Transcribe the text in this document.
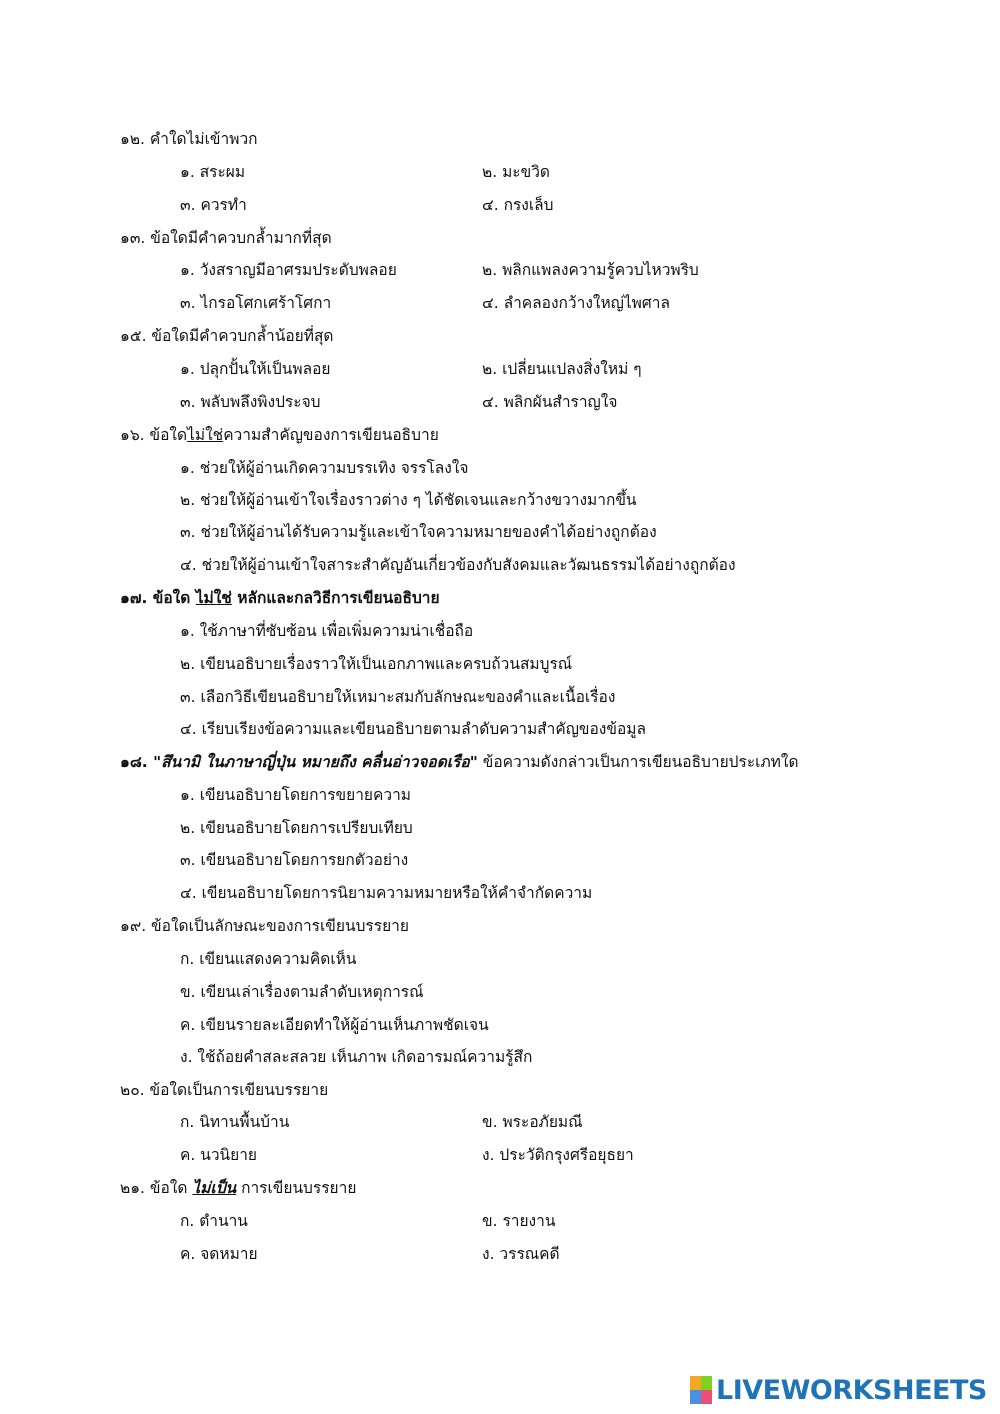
๑๒. คำใดไม่เข้าพวก
๑. สระผม	๒. มะขวิด
๓. ควรทำ	๔. กรงเล็บ
๑๓. ข้อใดมีคำควบกล้ำมากที่สุด
๑. วังสราญมีอาศรมประดับพลอย	๒. พลิกแพลงความรู้ควบไหวพริบ
๓. ไกรอโศกเศร้าโศกา	๔. ลำคลองกว้างใหญ่ไพศาล
๑๕. ข้อใดมีคำควบกล้ำน้อยที่สุด
๑. ปลุกปั้นให้เป็นพลอย	๒. เปลี่ยนแปลงสิ่งใหม่ ๆ
๓. พลับพลึงพิงประจบ	๔. พลิกผันสำราญใจ
๑๖. ข้อใดไม่ใช่ความสำคัญของการเขียนอธิบาย
๑. ช่วยให้ผู้อ่านเกิดความบรรเทิง จรรโลงใจ
๒. ช่วยให้ผู้อ่านเข้าใจเรื่องราวต่าง ๆ ได้ชัดเจนและกว้างขวางมากขึ้น
๓. ช่วยให้ผู้อ่านได้รับความรู้และเข้าใจความหมายของคำได้อย่างถูกต้อง
๔. ช่วยให้ผู้อ่านเข้าใจสาระสำคัญอันเกี่ยวข้องกับสังคมและวัฒนธรรมได้อย่างถูกต้อง
๑๗. ข้อใด ไม่ใช่ หลักและกลวิธีการเขียนอธิบาย
๑. ใช้ภาษาที่ซับซ้อน เพื่อเพิ่มความน่าเชื่อถือ
๒. เขียนอธิบายเรื่องราวให้เป็นเอกภาพและครบถ้วนสมบูรณ์
๓. เลือกวิธีเขียนอธิบายให้เหมาะสมกับลักษณะของคำและเนื้อเรื่อง
๔. เรียบเรียงข้อความและเขียนอธิบายตามลำดับความสำคัญของข้อมูล
๑๘. "สึนามิ ในภาษาญี่ปุ่น หมายถึง คลื่นอ่าวจอดเรือ" ข้อความดังกล่าวเป็นการเขียนอธิบายประเภทใด
๑. เขียนอธิบายโดยการขยายความ
๒. เขียนอธิบายโดยการเปรียบเทียบ
๓. เขียนอธิบายโดยการยกตัวอย่าง
๔. เขียนอธิบายโดยการนิยามความหมายหรือให้คำจำกัดความ
๑๙. ข้อใดเป็นลักษณะของการเขียนบรรยาย
ก. เขียนแสดงความคิดเห็น
ข. เขียนเล่าเรื่องตามลำดับเหตุการณ์
ค. เขียนรายละเอียดทำให้ผู้อ่านเห็นภาพชัดเจน
ง. ใช้ถ้อยคำสละสลวย เห็นภาพ เกิดอารมณ์ความรู้สึก
๒๐. ข้อใดเป็นการเขียนบรรยาย
ก. นิทานพื้นบ้าน	ข. พระอภัยมณี
ค. นวนิยาย	ง. ประวัติกรุงศรีอยุธยา
๒๑. ข้อใด ไม่เป็น การเขียนบรรยาย
ก. ตำนาน	ข. รายงาน
ค. จดหมาย	ง. วรรณคดี
LIVEWORKSHEETS
